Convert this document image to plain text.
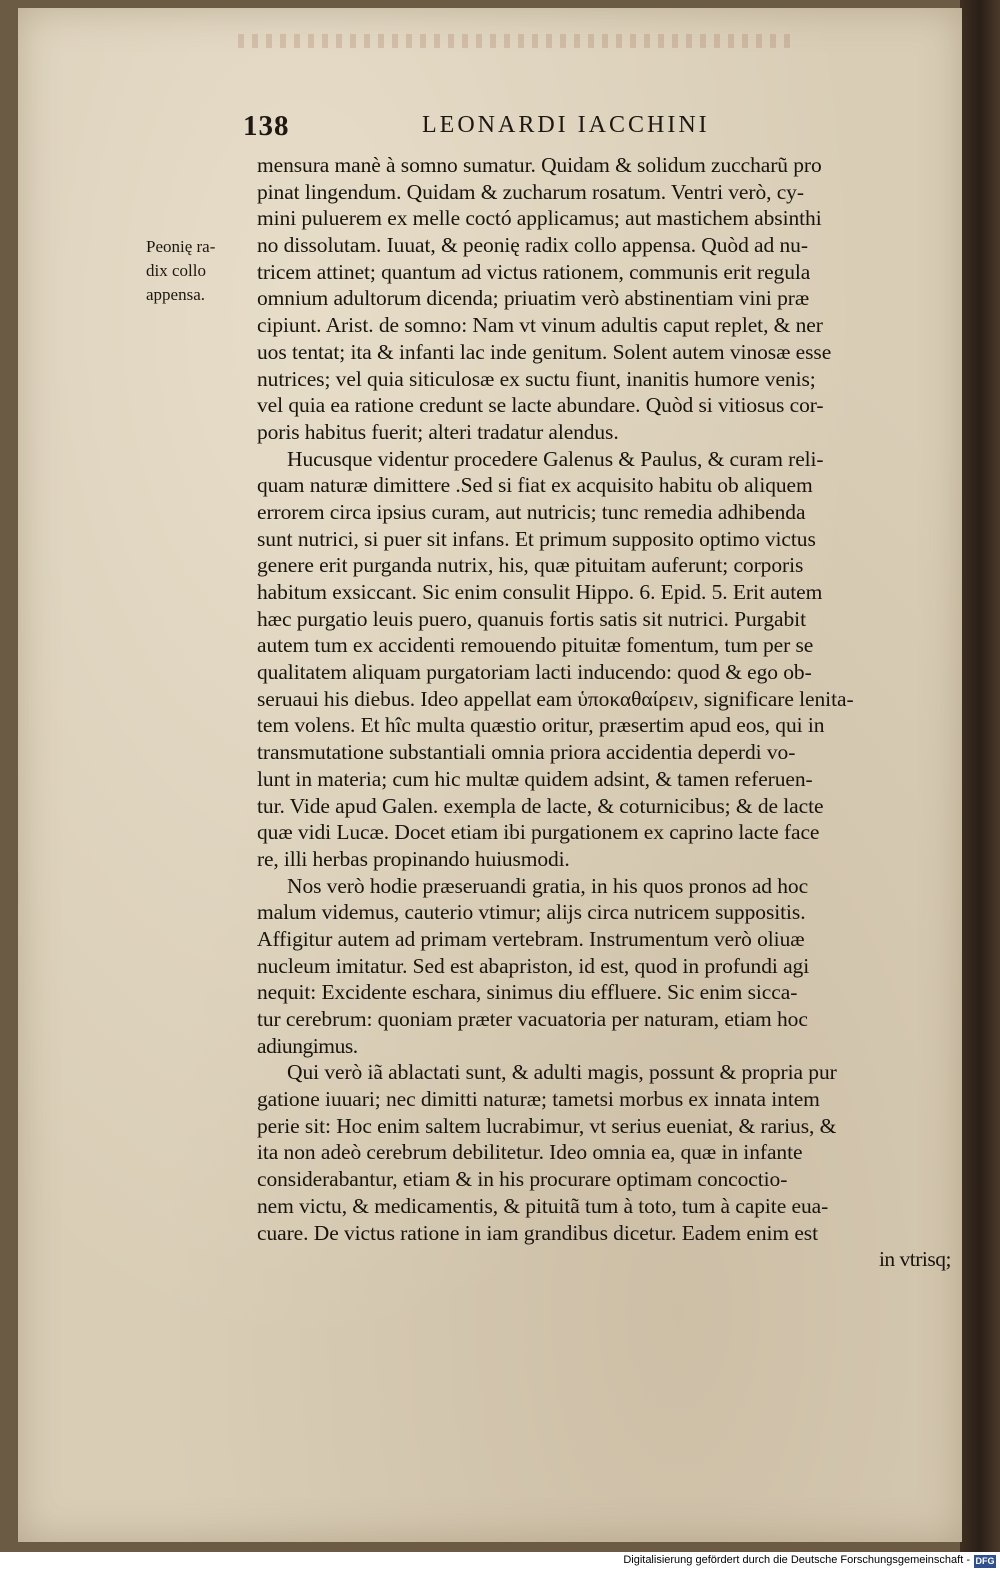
138	LEONARDI IACCHINI
Peonię ra-
dix collo
appensa.
mensura manè à somno sumatur. Quidam & solidum zuccharũ pro
pinat lingendum. Quidam & zucharum rosatum. Ventri verò, cy-
mini puluerem ex melle coctó applicamus; aut mastichem absinthi
no dissolutam. Iuuat, & peonię radix collo appensa. Quòd ad nu-
tricem attinet; quantum ad victus rationem, communis erit regula
omnium adultorum dicenda; priuatim verò abstinentiam vini præ
cipiunt. Arist. de somno: Nam vt vinum adultis caput replet, & ner
uos tentat; ita & infanti lac inde genitum. Solent autem vinosæ esse
nutrices; vel quia siticulosæ ex suctu fiunt, inanitis humore venis;
vel quia ea ratione credunt se lacte abundare. Quòd si vitiosus cor-
poris habitus fuerit; alteri tradatur alendus.
Hucusque videntur procedere Galenus & Paulus, & curam reli-
quam naturæ dimittere .Sed si fiat ex acquisito habitu ob aliquem
errorem circa ipsius curam, aut nutricis; tunc remedia adhibenda
sunt nutrici, si puer sit infans. Et primum supposito optimo victus
genere erit purganda nutrix, his, quæ pituitam auferunt; corporis
habitum exsiccant. Sic enim consulit Hippo. 6. Epid. 5. Erit autem
hæc purgatio leuis puero, quanuis fortis satis sit nutrici. Purgabit
autem tum ex accidenti remouendo pituitæ fomentum, tum per se
qualitatem aliquam purgatoriam lacti inducendo: quod & ego ob-
seruaui his diebus. Ideo appellat eam ὑποκαθαίρειν, significare lenita-
tem volens. Et hîc multa quæstio oritur, præsertim apud eos, qui in
transmutatione substantiali omnia priora accidentia deperdi vo-
lunt in materia; cum hic multæ quidem adsint, & tamen referuen-
tur. Vide apud Galen. exempla de lacte, & coturnicibus; & de lacte
quæ vidi Lucæ. Docet etiam ibi purgationem ex caprino lacte face
re, illi herbas propinando huiusmodi.
Nos verò hodie præseruandi gratia, in his quos pronos ad hoc
malum videmus, cauterio vtimur; alijs circa nutricem suppositis.
Affigitur autem ad primam vertebram. Instrumentum verò oliuæ
nucleum imitatur. Sed est abapriston, id est, quod in profundi agi
nequit: Excidente eschara, sinimus diu effluere. Sic enim sicca-
tur cerebrum: quoniam præter vacuatoria per naturam, etiam hoc
adiungimus.
Qui verò iã ablactati sunt, & adulti magis, possunt & propria pur
gatione iuuari; nec dimitti naturæ; tametsi morbus ex innata intem
perie sit: Hoc enim saltem lucrabimur, vt serius eueniat, & rarius, &
ita non adeò cerebrum debilitetur. Ideo omnia ea, quæ in infante
considerabantur, etiam & in his procurare optimam concoctio-
nem victu, & medicamentis, & pituitã tum à toto, tum à capite eua-
cuare. De victus ratione in iam grandibus dicetur. Eadem enim est
in vtrisq;
Digitalisierung gefördert durch die Deutsche Forschungsgemeinschaft - DFG
